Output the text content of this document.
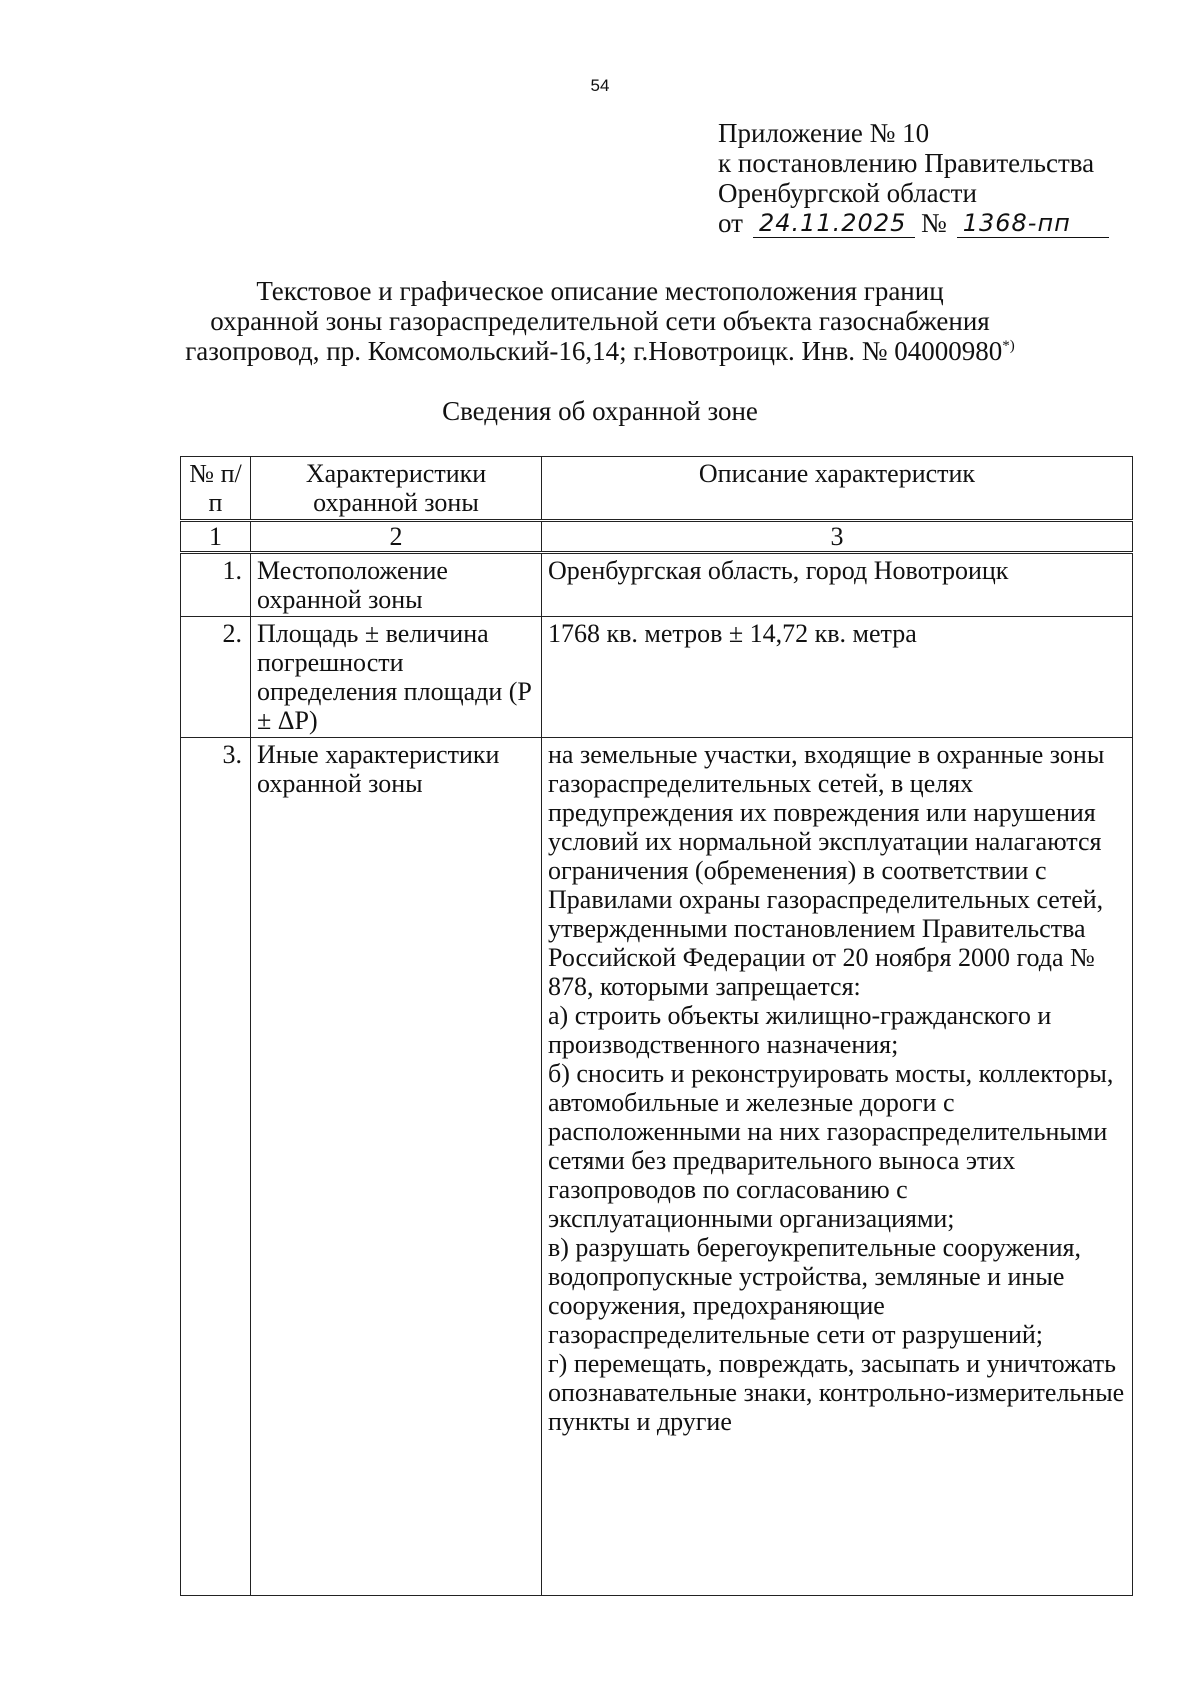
54
Приложение № 10
к постановлению Правительства
Оренбургской области
от 24.11.2025 № 1368-пп
Текстовое и графическое описание местоположения границ
охранной зоны газораспределительной сети объекта газоснабжения
газопровод, пр. Комсомольский-16,14; г.Новотроицк. Инв. № 04000980*)
Сведения об охранной зоне
№ п/п	Характеристики охранной зоны	Описание характеристик
1	2	3
1.	Местоположение охранной зоны	Оренбургская область, город Новотроицк
2.	Площадь ± величина погрешности определения площади (P ± ΔP)	1768 кв. метров ± 14,72 кв. метра
3.	Иные характеристики охранной зоны	на земельные участки, входящие в охранные зоны газораспределительных сетей, в целях предупреждения их повреждения или нарушения условий их нормальной эксплуатации налагаются ограничения (обременения) в соответствии с Правилами охраны газораспределительных сетей, утвержденными постановлением Правительства Российской Федерации от 20 ноября 2000 года № 878, которыми запрещается:

а) строить объекты жилищно-гражданского и производственного назначения;

б) сносить и реконструировать мосты, коллекторы, автомобильные и железные дороги с расположенными на них газораспределительными сетями без предварительного выноса этих газопроводов по согласованию с эксплуатационными организациями;

в) разрушать берегоукрепительные сооружения, водопропускные устройства, земляные и иные сооружения, предохраняющие газораспределительные сети от разрушений;

г) перемещать, повреждать, засыпать и уничтожать опознавательные знаки, контрольно-измерительные пункты и другие
